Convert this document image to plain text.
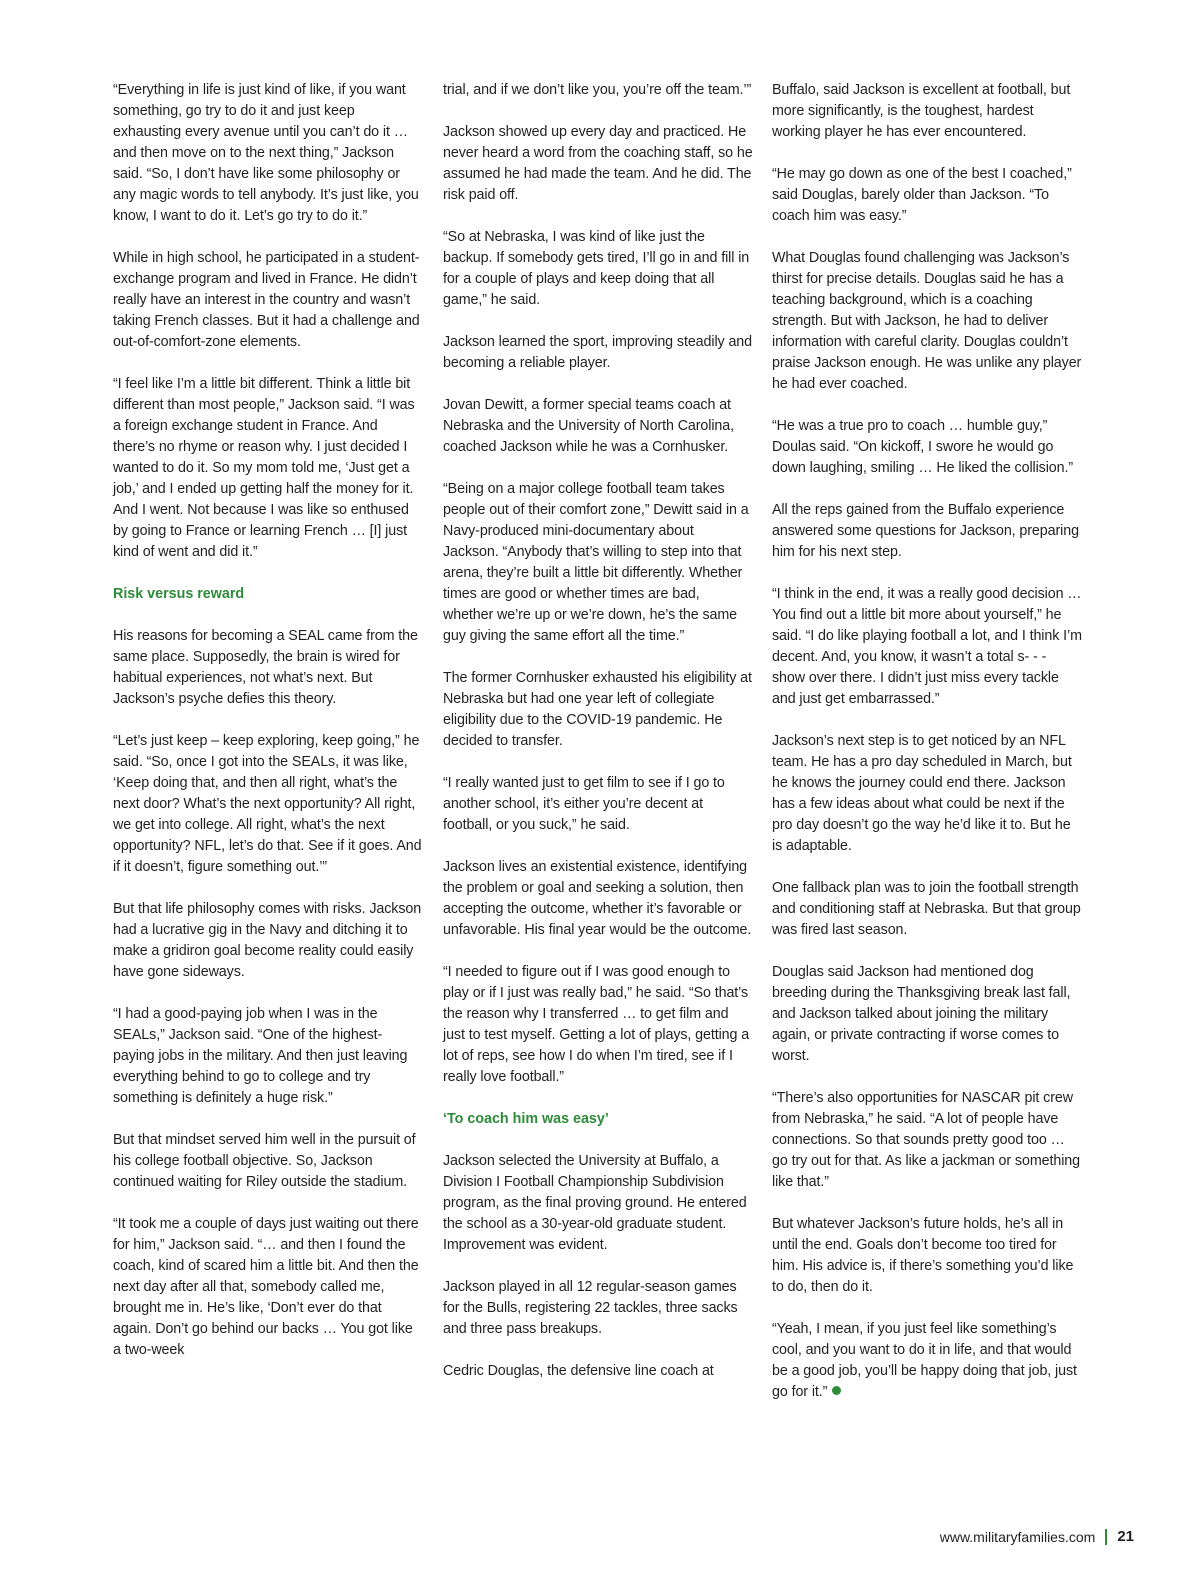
“Everything in life is just kind of like, if you want something, go try to do it and just keep exhausting every avenue until you can’t do it … and then move on to the next thing,” Jackson said. “So, I don’t have like some philosophy or any magic words to tell anybody. It’s just like, you know, I want to do it. Let’s go try to do it.”

While in high school, he participated in a student-exchange program and lived in France. He didn’t really have an interest in the country and wasn’t taking French classes. But it had a challenge and out-of-comfort-zone elements.

“I feel like I’m a little bit different. Think a little bit different than most people,” Jackson said. “I was a foreign exchange student in France. And there’s no rhyme or reason why. I just decided I wanted to do it. So my mom told me, ‘Just get a job,’ and I ended up getting half the money for it. And I went. Not because I was like so enthused by going to France or learning French … [I] just kind of went and did it.”

Risk versus reward

His reasons for becoming a SEAL came from the same place. Supposedly, the brain is wired for habitual experiences, not what’s next. But Jackson’s psyche defies this theory.

“Let’s just keep – keep exploring, keep going,” he said. “So, once I got into the SEALs, it was like, ‘Keep doing that, and then all right, what’s the next door? What’s the next opportunity? All right, we get into college. All right, what’s the next opportunity? NFL, let’s do that. See if it goes. And if it doesn’t, figure something out.’”

But that life philosophy comes with risks. Jackson had a lucrative gig in the Navy and ditching it to make a gridiron goal become reality could easily have gone sideways.

“I had a good-paying job when I was in the SEALs,” Jackson said. “One of the highest-paying jobs in the military. And then just leaving everything behind to go to college and try something is definitely a huge risk.”

But that mindset served him well in the pursuit of his college football objective. So, Jackson continued waiting for Riley outside the stadium.

“It took me a couple of days just waiting out there for him,” Jackson said. “… and then I found the coach, kind of scared him a little bit. And then the next day after all that, somebody called me, brought me in. He’s like, ‘Don’t ever do that again. Don’t go behind our backs … You got like a two-week

trial, and if we don’t like you, you’re off the team.’”

Jackson showed up every day and practiced. He never heard a word from the coaching staff, so he assumed he had made the team. And he did. The risk paid off.

“So at Nebraska, I was kind of like just the backup. If somebody gets tired, I’ll go in and fill in for a couple of plays and keep doing that all game,” he said.

Jackson learned the sport, improving steadily and becoming a reliable player.

Jovan Dewitt, a former special teams coach at Nebraska and the University of North Carolina, coached Jackson while he was a Cornhusker.

“Being on a major college football team takes people out of their comfort zone,” Dewitt said in a Navy-produced mini-documentary about Jackson. “Anybody that’s willing to step into that arena, they’re built a little bit differently. Whether times are good or whether times are bad, whether we’re up or we’re down, he’s the same guy giving the same effort all the time.”

The former Cornhusker exhausted his eligibility at Nebraska but had one year left of collegiate eligibility due to the COVID-19 pandemic. He decided to transfer.

“I really wanted just to get film to see if I go to another school, it’s either you’re decent at football, or you suck,” he said.

Jackson lives an existential existence, identifying the problem or goal and seeking a solution, then accepting the outcome, whether it’s favorable or unfavorable. His final year would be the outcome.

“I needed to figure out if I was good enough to play or if I just was really bad,” he said. “So that’s the reason why I transferred … to get film and just to test myself. Getting a lot of plays, getting a lot of reps, see how I do when I’m tired, see if I really love football.”

‘To coach him was easy’

Jackson selected the University at Buffalo, a Division I Football Championship Subdivision program, as the final proving ground. He entered the school as a 30-year-old graduate student. Improvement was evident.

Jackson played in all 12 regular-season games for the Bulls, registering 22 tackles, three sacks and three pass breakups.

Cedric Douglas, the defensive line coach at

Buffalo, said Jackson is excellent at football, but more significantly, is the toughest, hardest working player he has ever encountered.

“He may go down as one of the best I coached,” said Douglas, barely older than Jackson. “To coach him was easy.”

What Douglas found challenging was Jackson’s thirst for precise details. Douglas said he has a teaching background, which is a coaching strength. But with Jackson, he had to deliver information with careful clarity. Douglas couldn’t praise Jackson enough. He was unlike any player he had ever coached.

“He was a true pro to coach … humble guy,” Doulas said. “On kickoff, I swore he would go down laughing, smiling … He liked the collision.”

All the reps gained from the Buffalo experience answered some questions for Jackson, preparing him for his next step.

“I think in the end, it was a really good decision … You find out a little bit more about yourself,” he said. “I do like playing football a lot, and I think I’m decent. And, you know, it wasn’t a total s- - - show over there. I didn’t just miss every tackle and just get embarrassed.”

Jackson’s next step is to get noticed by an NFL team. He has a pro day scheduled in March, but he knows the journey could end there. Jackson has a few ideas about what could be next if the pro day doesn’t go the way he’d like it to. But he is adaptable.

One fallback plan was to join the football strength and conditioning staff at Nebraska. But that group was fired last season.

Douglas said Jackson had mentioned dog breeding during the Thanksgiving break last fall, and Jackson talked about joining the military again, or private contracting if worse comes to worst.

“There’s also opportunities for NASCAR pit crew from Nebraska,” he said. “A lot of people have connections. So that sounds pretty good too … go try out for that. As like a jackman or something like that.”

But whatever Jackson’s future holds, he’s all in until the end. Goals don’t become too tired for him. His advice is, if there’s something you’d like to do, then do it.

“Yeah, I mean, if you just feel like something’s cool, and you want to do it in life, and that would be a good job, you’ll be happy doing that job, just go for it.”

www.militaryfamilies.com 21
